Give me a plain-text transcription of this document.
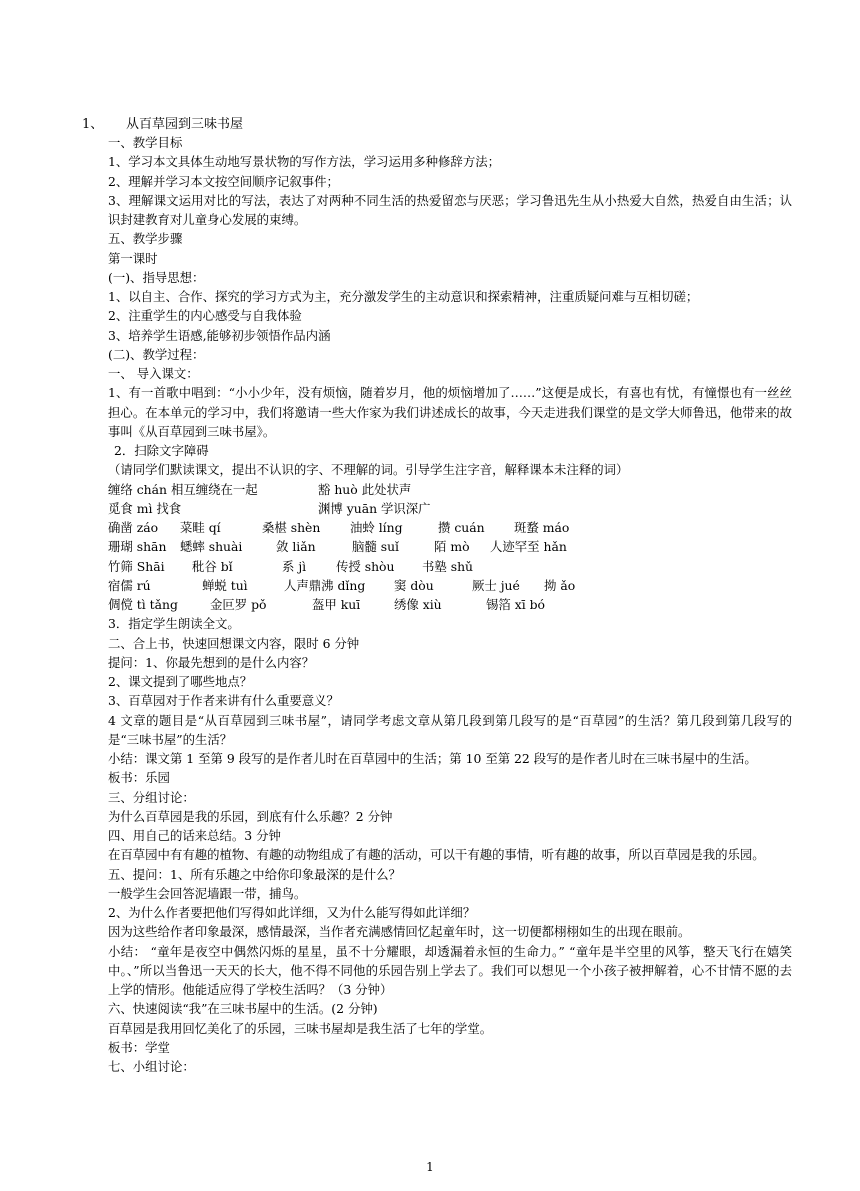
1、 从百草园到三味书屋
一、教学目标
1、学习本文具体生动地写景状物的写作方法，学习运用多种修辞方法；
2、理解并学习本文按空间顺序记叙事件；
3、理解课文运用对比的写法，表达了对两种不同生活的热爱留恋与厌恶；学习鲁迅先生从小热爱大自然，热爱自由生活；认识封建教育对儿童身心发展的束缚。
五、教学步骤
第一课时
(一)、指导思想：
1、以自主、合作、探究的学习方式为主，充分激发学生的主动意识和探索精神，注重质疑问难与互相切磋；
2、注重学生的内心感受与自我体验
3、培养学生语感,能够初步领悟作品内涵
(二)、教学过程：
一、 导入课文：
1、有一首歌中唱到：“小小少年，没有烦恼，随着岁月，他的烦恼增加了……”这便是成长，有喜也有忧，有憧憬也有一丝丝担心。在本单元的学习中，我们将邀请一些大作家为我们讲述成长的故事，今天走进我们课堂的是文学大师鲁迅，他带来的故事叫《从百草园到三味书屋》。
2．扫除文字障碍
（请同学们默读课文，提出不认识的字、不理解的词。引导学生注字音，解释课本未注释的词）
缠络 chán 相互缠绕在一起	豁 huò 此处状声
觅食 mì 找食	渊博 yuān 学识深广
确凿 záo	菜畦 qí	桑椹 shèn	油蛉 líng	攒 cuán	斑蝥 máo
珊瑚 shān	蟋蟀 shuài	敛 liǎn	脑髓 suǐ	陌 mò	人迹罕至 hǎn
竹筛 Shāi	秕谷 bǐ	系 jì	传授 shòu	书塾 shǔ
宿儒 rú	蝉蜕 tuì	人声鼎沸 dǐng	窦 dòu	厥士 jué	拗 ǎo
倜傥 tì tǎng	金叵罗 pǒ	盔甲 kuī	绣像 xiù	锡箔 xī bó
3．指定学生朗读全文。
二、合上书，快速回想课文内容，限时 6 分钟
提问：1、你最先想到的是什么内容？
2、课文提到了哪些地点？
3、百草园对于作者来讲有什么重要意义？
4 文章的题目是“从百草园到三味书屋”，请同学考虑文章从第几段到第几段写的是“百草园”的生活？第几段到第几段写的是“三味书屋”的生活？
小结：课文第 1 至第 9 段写的是作者儿时在百草园中的生活；第 10 至第 22 段写的是作者儿时在三味书屋中的生活。
板书：乐园
三、分组讨论：
为什么百草园是我的乐园，到底有什么乐趣？2 分钟
四、用自己的话来总结。3 分钟
在百草园中有有趣的植物、有趣的动物组成了有趣的活动，可以干有趣的事情，听有趣的故事，所以百草园是我的乐园。
五、提问：1、所有乐趣之中给你印象最深的是什么？
一般学生会回答泥墙跟一带，捕鸟。
2、为什么作者要把他们写得如此详细，又为什么能写得如此详细？
因为这些给作者印象最深，感情最深，当作者充满感情回忆起童年时，这一切便都栩栩如生的出现在眼前。
小结： “童年是夜空中偶然闪烁的星星，虽不十分耀眼，却透漏着永恒的生命力。” “童年是半空里的风筝，整天飞行在嬉笑中。、”所以当鲁迅一天天的长大，他不得不同他的乐园告别上学去了。我们可以想见一个小孩子被押解着，心不甘情不愿的去上学的情形。他能适应得了学校生活吗？（3 分钟）
六、快速阅读“我”在三味书屋中的生活。(2 分钟)
百草园是我用回忆美化了的乐园，三味书屋却是我生活了七年的学堂。
板书：学堂
七、小组讨论：
1
